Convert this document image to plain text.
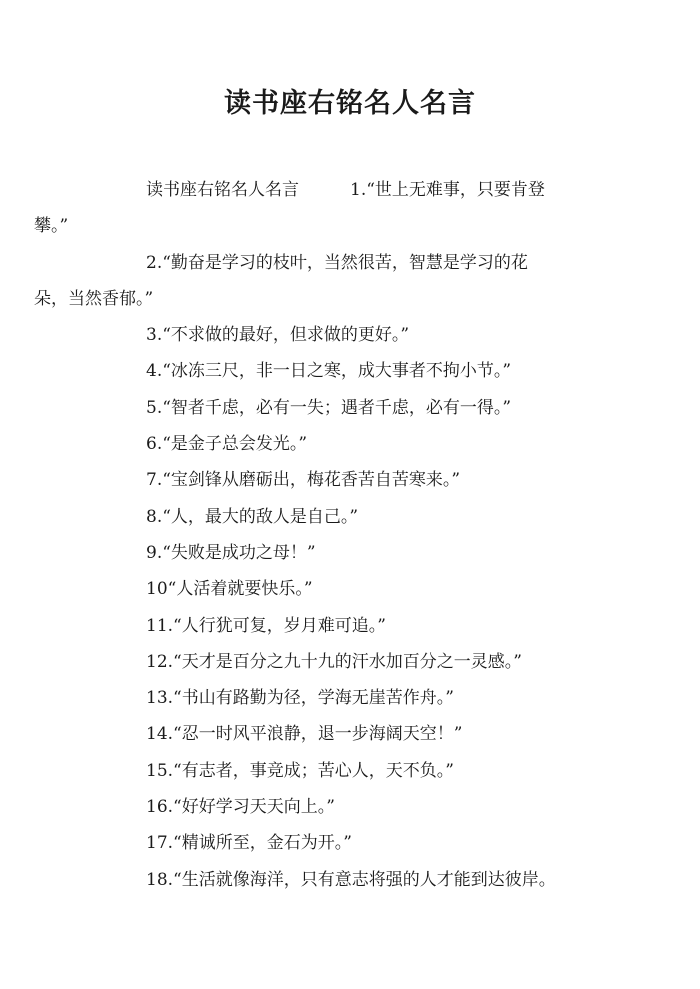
读书座右铭名人名言

读书座右铭名人名言	1.“世上无难事，只要肯登

攀。”

2.“勤奋是学习的枝叶，当然很苦，智慧是学习的花

朵，当然香郁。”

3.“不求做的最好，但求做的更好。”

4.“冰冻三尺，非一日之寒，成大事者不拘小节。”

5.“智者千虑，必有一失；遇者千虑，必有一得。”

6.“是金子总会发光。”

7.“宝剑锋从磨砺出，梅花香苦自苦寒来。”

8.“人，最大的敌人是自己。”

9.“失败是成功之母！”

10“人活着就要快乐。”

11.“人行犹可复，岁月难可追。”

12.“天才是百分之九十九的汗水加百分之一灵感。”

13.“书山有路勤为径，学海无崖苦作舟。”

14.“忍一时风平浪静，退一步海阔天空！”

15.“有志者，事竞成；苦心人，天不负。”

16.“好好学习天天向上。”

17.“精诚所至，金石为开。”

18.“生活就像海洋，只有意志将强的人才能到达彼岸。
